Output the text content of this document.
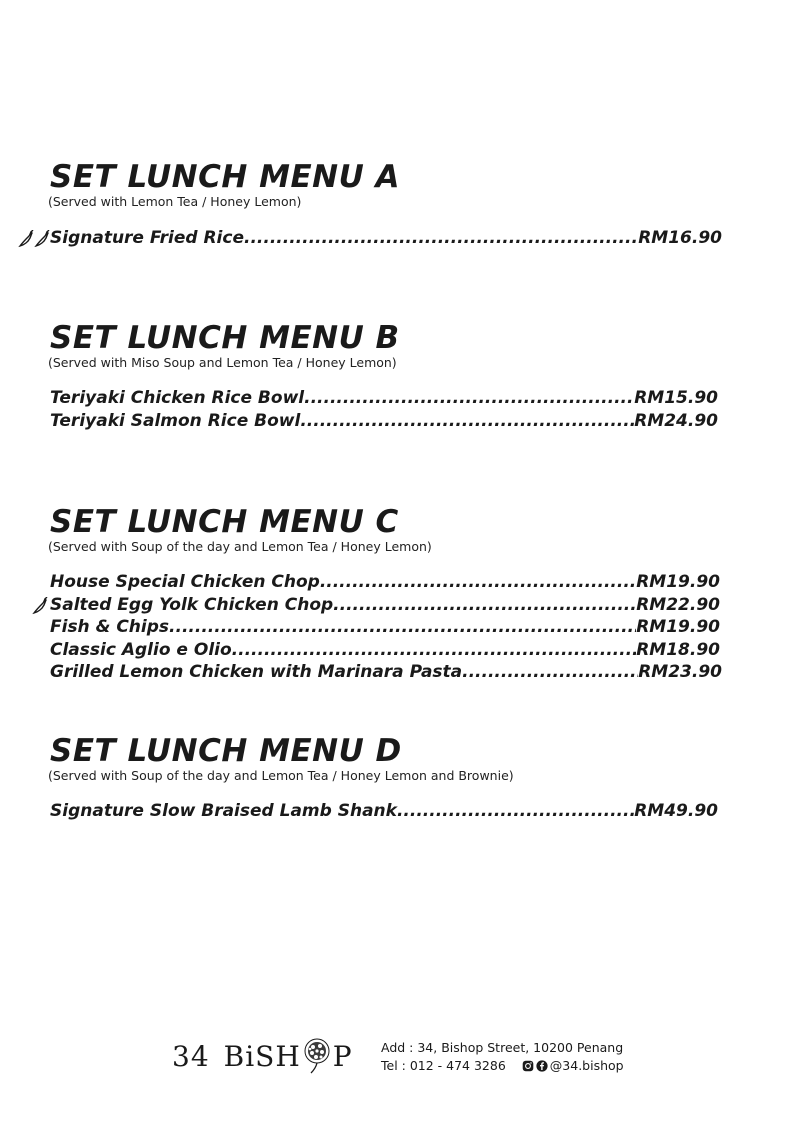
SET LUNCH MENU A
(Served with Lemon Tea / Honey Lemon)
Signature Fried Rice .....	RM16.90
SET LUNCH MENU B
(Served with Miso Soup and Lemon Tea / Honey Lemon)
Teriyaki Chicken Rice Bowl .....	RM15.90
Teriyaki Salmon Rice Bowl .....	RM24.90
SET LUNCH MENU C
(Served with Soup of the day and Lemon Tea / Honey Lemon)
House Special Chicken Chop .....	RM19.90
Salted Egg Yolk Chicken Chop .....	RM22.90
Fish & Chips .....	RM19.90
Classic Aglio e Olio .....	RM18.90
Grilled Lemon Chicken with Marinara Pasta .....	RM23.90
SET LUNCH MENU D
(Served with Soup of the day and Lemon Tea / Honey Lemon and Brownie)
Signature Slow Braised Lamb Shank .....	RM49.90
34 BiSH P Add : 34, Bishop Street, 10200 Penang
Tel : 012 - 474 3286	@34.bishop
